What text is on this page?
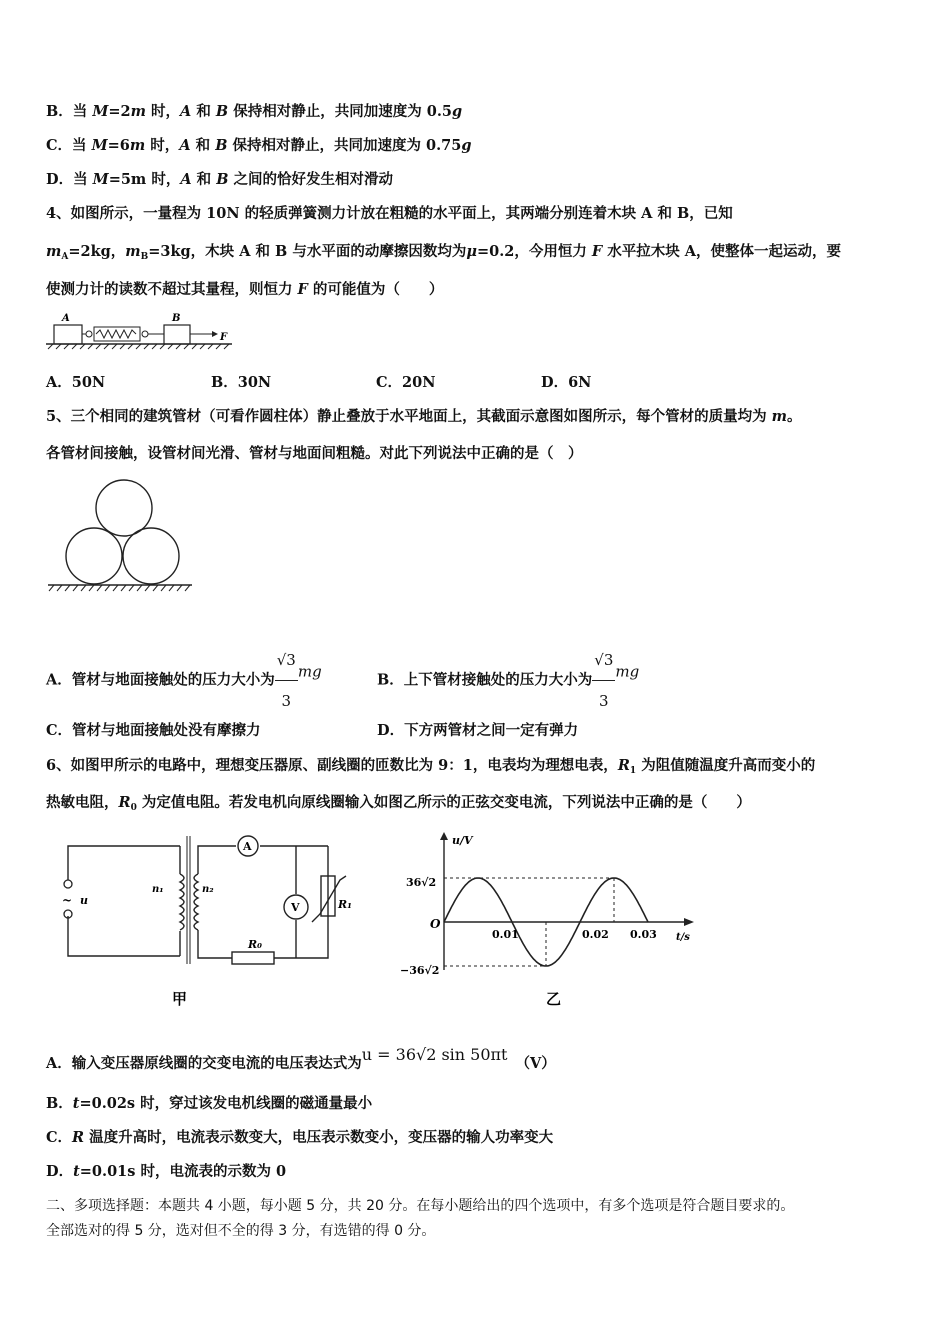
B．当 M=2m 时，A 和 B 保持相对静止，共同加速度为 0.5g
C．当 M=6m 时，A 和 B 保持相对静止，共同加速度为 0.75g
D．当 M=5m 时，A 和 B 之间的恰好发生相对滑动
4、如图所示，一量程为 10N 的轻质弹簧测力计放在粗糙的水平面上，其两端分别连着木块 A 和 B，已知
$m_A=2kg$，$m_B=3kg$，木块 A 和 B 与水平面的动摩擦因数均为μ=0.2，今用恒力 F 水平拉木块 A，使整体一起运动，要
使测力计的读数不超过其量程，则恒力 F 的可能值为（　　）
A	B
F
A．50N	B．30N	C．20N	D．6N
5、三个相同的建筑管材（可看作圆柱体）静止叠放于水平地面上，其截面示意图如图所示，每个管材的质量均为 m。
各管材间接触，设管材间光滑、管材与地面间粗糙。对此下列说法中正确的是（　）
A．管材与地面接触处的压力大小为 $\frac{√3}{3}$ mg	B．上下管材接触处的压力大小为 $\frac{√3}{3}$ mg
C．管材与地面接触处没有摩擦力	D．下方两管材之间一定有弹力
6、如图甲所示的电路中，理想变压器原、副线圈的匝数比为 9：1，电表均为理想电表，$R_1$ 为阻值随温度升高而变小的
热敏电阻，$R_0$ 为定值电阻。若发电机向原线圈输入如图乙所示的正弦交变电流，下列说法中正确的是（　　）
~ u
n₁	n₂
A
V	R₁
R₀
甲
u/V
t/s
O
36√2
−36√2
0.01	0.02 0.03
乙
A．输入变压器原线圈的交变电流的电压表达式为u = 36√2 sin 50πt （V）
B．t=0.02s 时，穿过该发电机线圈的磁通量最小
C．R 温度升高时，电流表示数变大，电压表示数变小，变压器的输人功率变大
D．t=0.01s 时，电流表的示数为 0
二、多项选择题：本题共 4 小题，每小题 5 分，共 20 分。在每小题给出的四个选项中，有多个选项是符合题目要求的。
全部选对的得 5 分，选对但不全的得 3 分，有选错的得 0 分。
